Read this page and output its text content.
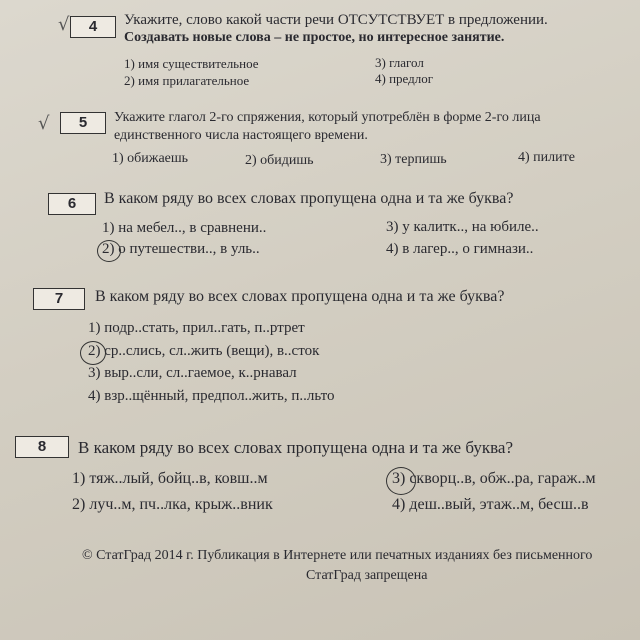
√	4	Укажите, слово какой части речи ОТСУТСТВУЕТ в предложении.
Создавать новые слова – не простое, но интересное занятие.
1) имя существительное
2) имя прилагательное
3) глагол
4) предлог
√	5	Укажите глагол 2-го спряжения, который употреблён в форме 2-го лица
единственного числа настоящего времени.
1) обижаешь	2) обидишь	3) терпишь	4) пилите
6	В каком ряду во всех словах пропущена одна и та же буква?
1) на мебел.., в сравнени..
2) о путешестви.., в уль..
3) у калитк.., на юбиле..
4) в лагер.., о гимнази..
7	В каком ряду во всех словах пропущена одна и та же буква?
1) подр..стать, прил..гать, п..ртрет
2) ср..слись, сл..жить (вещи), в..сток
3) выр..сли, сл..гаемое, к..рнавал
4) взр..щённый, предпол..жить, п..льто
8	В каком ряду во всех словах пропущена одна и та же буква?
1) тяж..лый, бойц..в, ковш..м
2) луч..м, пч..лка, крыж..вник
3) скворц..в, обж..ра, гараж..м
4) деш..вый, этаж..м, бесш..в
© СтатГрад 2014 г. Публикация в Интернете или печатных изданиях без письменного
СтатГрад запрещена
